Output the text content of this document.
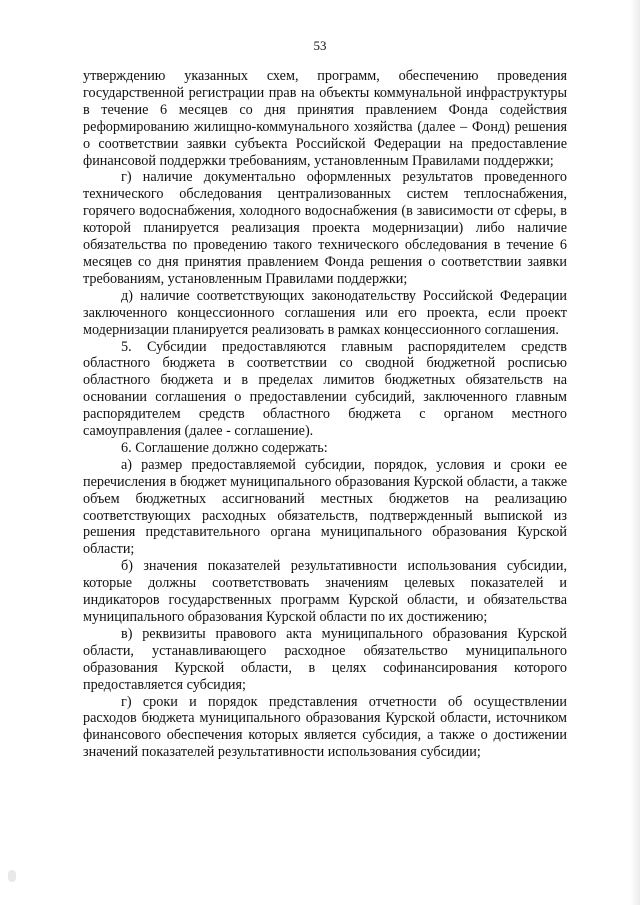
53

утверждению указанных схем, программ, обеспечению проведения государственной регистрации прав на объекты коммунальной инфраструктуры в течение 6 месяцев со дня принятия правлением Фонда содействия реформированию жилищно-коммунального хозяйства (далее – Фонд) решения о соответствии заявки субъекта Российской Федерации на предоставление финансовой поддержки требованиям, установленным Правилами поддержки;

г) наличие документально оформленных результатов проведенного технического обследования централизованных систем теплоснабжения, горячего водоснабжения, холодного водоснабжения (в зависимости от сферы, в которой планируется реализация проекта модернизации) либо наличие обязательства по проведению такого технического обследования в течение 6 месяцев со дня принятия правлением Фонда решения о соответствии заявки требованиям, установленным Правилами поддержки;

д) наличие соответствующих законодательству Российской Федерации заключенного концессионного соглашения или его проекта, если проект модернизации планируется реализовать в рамках концессионного соглашения.

5. Субсидии предоставляются главным распорядителем средств областного бюджета в соответствии со сводной бюджетной росписью областного бюджета и в пределах лимитов бюджетных обязательств на основании соглашения о предоставлении субсидий, заключенного главным распорядителем средств областного бюджета с органом местного самоуправления (далее - соглашение).

6. Соглашение должно содержать:

а) размер предоставляемой субсидии, порядок, условия и сроки ее перечисления в бюджет муниципального образования Курской области, а также объем бюджетных ассигнований местных бюджетов на реализацию соответствующих расходных обязательств, подтвержденный выпиской из решения представительного органа муниципального образования Курской области;

б) значения показателей результативности использования субсидии, которые должны соответствовать значениям целевых показателей и индикаторов государственных программ Курской области, и обязательства муниципального образования Курской области по их достижению;

в) реквизиты правового акта муниципального образования Курской области, устанавливающего расходное обязательство муниципального образования Курской области, в целях софинансирования которого предоставляется субсидия;

г) сроки и порядок представления отчетности об осуществлении расходов бюджета муниципального образования Курской области, источником финансового обеспечения которых является субсидия, а также о достижении значений показателей результативности использования субсидии;
